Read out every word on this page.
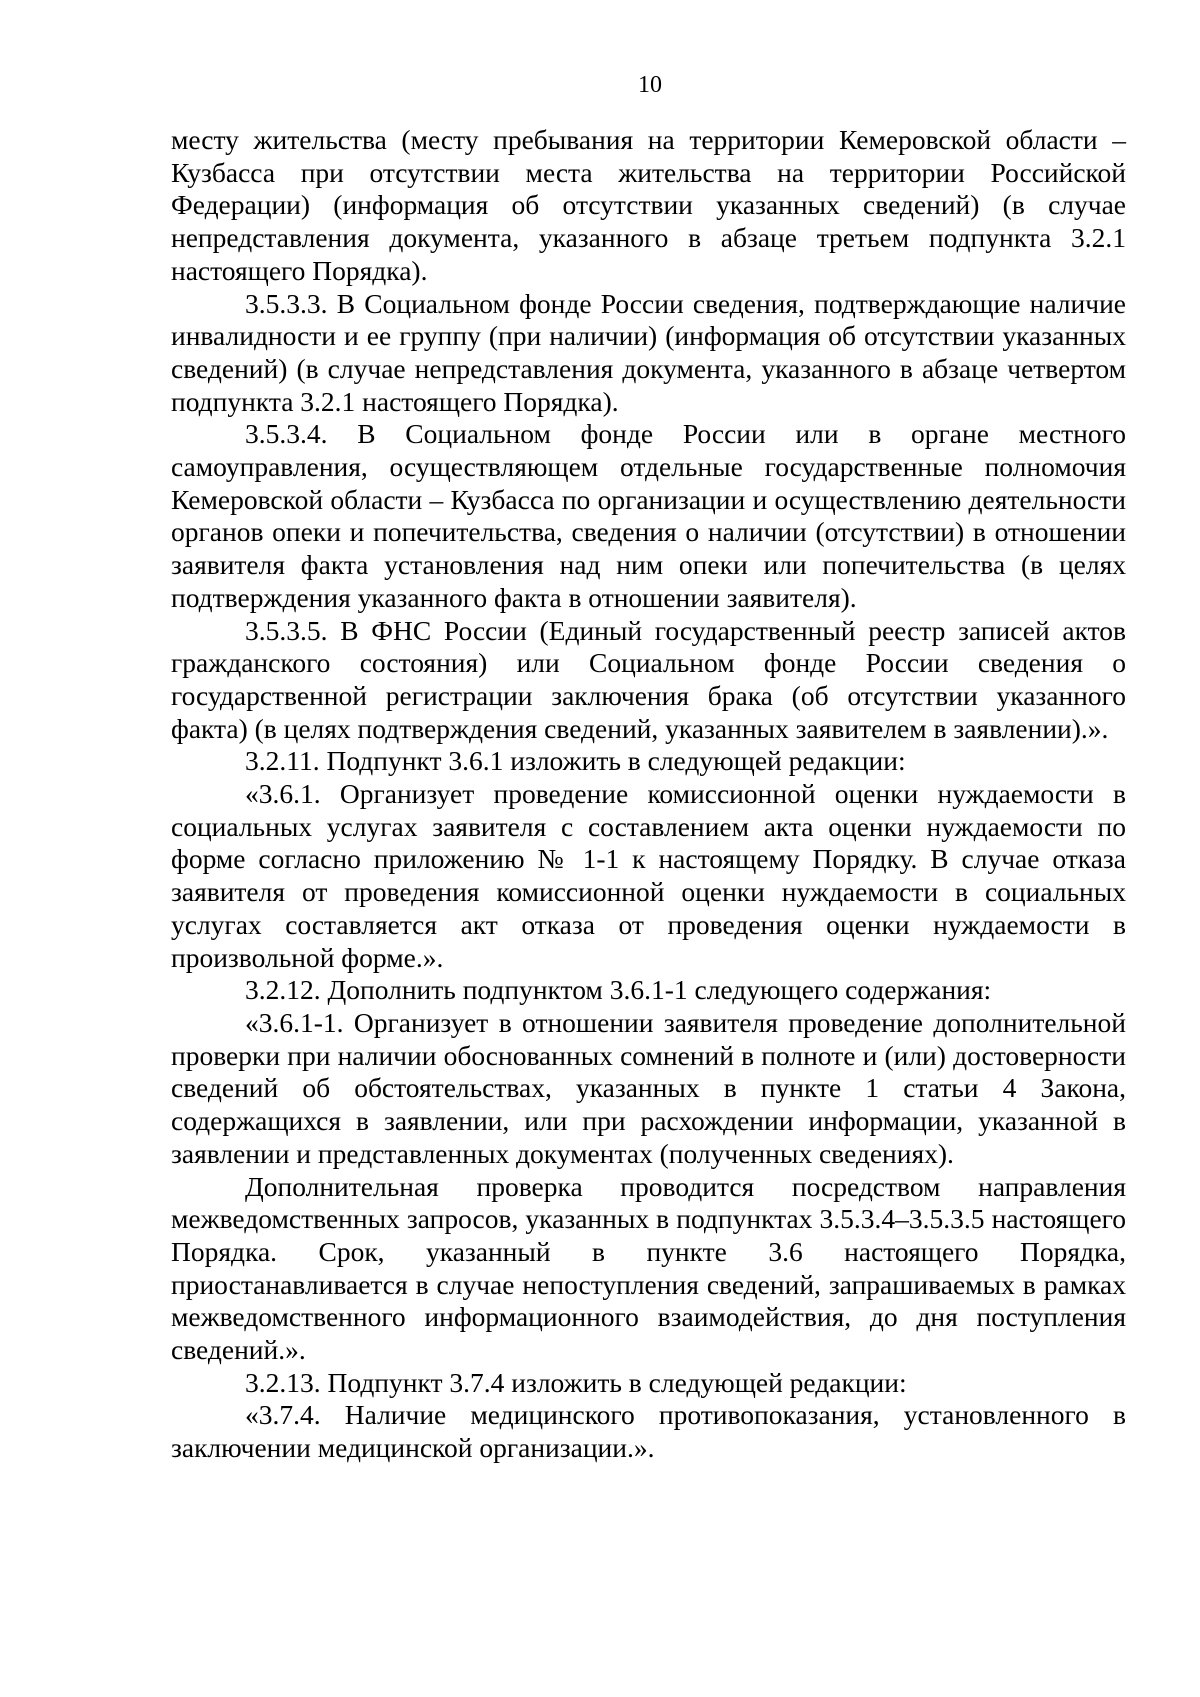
10

месту жительства (месту пребывания на территории Кемеровской области – Кузбасса при отсутствии места жительства на территории Российской Федерации) (информация об отсутствии указанных сведений) (в случае непредставления документа, указанного в абзаце третьем подпункта 3.2.1 настоящего Порядка).

3.5.3.3. В Социальном фонде России сведения, подтверждающие наличие инвалидности и ее группу (при наличии) (информация об отсутствии указанных сведений) (в случае непредставления документа, указанного в абзаце четвертом подпункта 3.2.1 настоящего Порядка).

3.5.3.4. В Социальном фонде России или в органе местного самоуправления, осуществляющем отдельные государственные полномочия Кемеровской области – Кузбасса по организации и осуществлению деятельности органов опеки и попечительства, сведения о наличии (отсутствии) в отношении заявителя факта установления над ним опеки или попечительства (в целях подтверждения указанного факта в отношении заявителя).

3.5.3.5. В ФНС России (Единый государственный реестр записей актов гражданского состояния) или Социальном фонде России сведения о государственной регистрации заключения брака (об отсутствии указанного факта) (в целях подтверждения сведений, указанных заявителем в заявлении).».

3.2.11. Подпункт 3.6.1 изложить в следующей редакции:

«3.6.1. Организует проведение комиссионной оценки нуждаемости в социальных услугах заявителя с составлением акта оценки нуждаемости по форме согласно приложению № 1-1 к настоящему Порядку. В случае отказа заявителя от проведения комиссионной оценки нуждаемости в социальных услугах составляется акт отказа от проведения оценки нуждаемости в произвольной форме.».

3.2.12. Дополнить подпунктом 3.6.1-1 следующего содержания:

«3.6.1-1. Организует в отношении заявителя проведение дополнительной проверки при наличии обоснованных сомнений в полноте и (или) достоверности сведений об обстоятельствах, указанных в пункте 1 статьи 4 Закона, содержащихся в заявлении, или при расхождении информации, указанной в заявлении и представленных документах (полученных сведениях).

Дополнительная проверка проводится посредством направления межведомственных запросов, указанных в подпунктах 3.5.3.4–3.5.3.5 настоящего Порядка. Срок, указанный в пункте 3.6 настоящего Порядка, приостанавливается в случае непоступления сведений, запрашиваемых в рамках межведомственного информационного взаимодействия, до дня поступления сведений.».

3.2.13. Подпункт 3.7.4 изложить в следующей редакции:

«3.7.4. Наличие медицинского противопоказания, установленного в заключении медицинской организации.».
